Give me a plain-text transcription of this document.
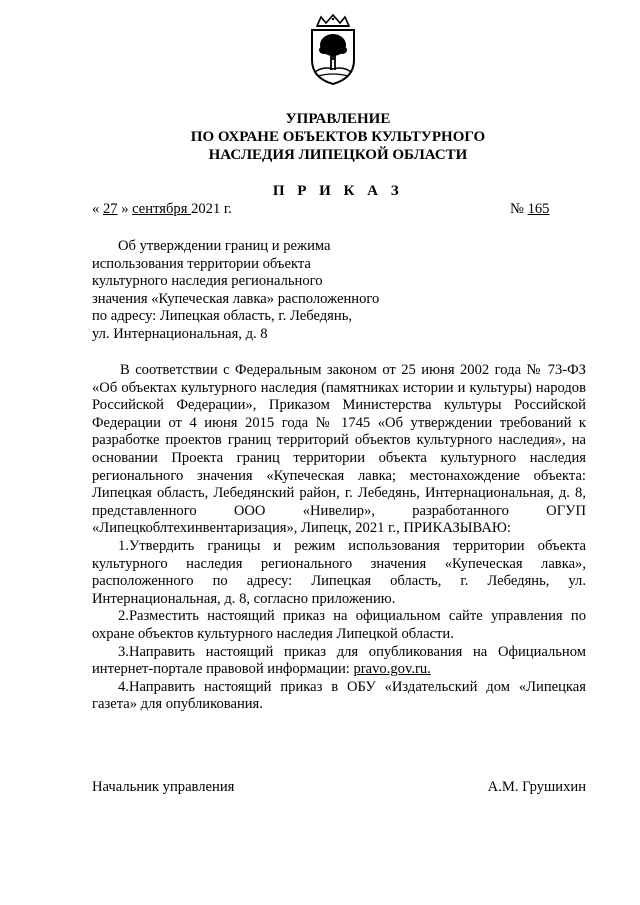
УПРАВЛЕНИЕ
ПО ОХРАНЕ ОБЪЕКТОВ КУЛЬТУРНОГО
НАСЛЕДИЯ ЛИПЕЦКОЙ ОБЛАСТИ
П Р И К А З
« 27 » сентября 2021 г.	№ 165
Об утверждении границ и режима
использования территории объекта
культурного наследия регионального
значения «Купеческая лавка» расположенного
по адресу: Липецкая область, г. Лебедянь,
ул. Интернациональная, д. 8

В соответствии с Федеральным законом от 25 июня 2002 года № 73-ФЗ «Об объектах культурного наследия (памятниках истории и культуры) народов Российской Федерации», Приказом Министерства культуры Российской Федерации от 4 июня 2015 года № 1745 «Об утверждении требований к разработке проектов границ территорий объектов культурного наследия», на основании Проекта границ территории объекта культурного наследия регионального значения «Купеческая лавка; местонахождение объекта: Липецкая область, Лебедянский район, г. Лебедянь, Интернациональная, д. 8, представленного ООО «Нивелир», разработанного ОГУП «Липецкоблтехинвентаризация», Липецк, 2021 г., ПРИКАЗЫВАЮ:

1.Утвердить границы и режим использования территории объекта культурного наследия регионального значения «Купеческая лавка», расположенного по адресу: Липецкая область, г. Лебедянь, ул. Интернациональная, д. 8, согласно приложению.

2.Разместить настоящий приказ на официальном сайте управления по охране объектов культурного наследия Липецкой области.

3.Направить настоящий приказ для опубликования на Официальном интернет-портале правовой информации: pravo.gov.ru.

4.Направить настоящий приказ в ОБУ «Издательский дом «Липецкая газета» для опубликования.

Начальник управления	А.М. Грушихин
